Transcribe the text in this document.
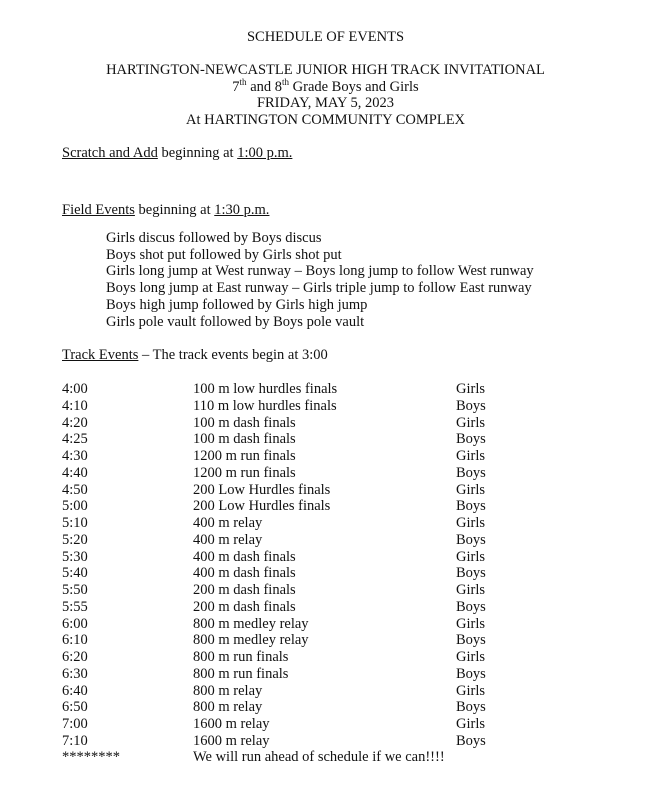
SCHEDULE OF EVENTS
HARTINGTON-NEWCASTLE JUNIOR HIGH TRACK INVITATIONAL
7th and 8th Grade Boys and Girls
FRIDAY, MAY 5, 2023
At HARTINGTON COMMUNITY COMPLEX
Scratch and Add beginning at 1:00 p.m.
Field Events beginning at 1:30 p.m.
Girls discus followed by Boys discus
Boys shot put followed by Girls shot put
Girls long jump at West runway – Boys long jump to follow West runway
Boys long jump at East runway – Girls triple jump to follow East runway
Boys high jump followed by Girls high jump
Girls pole vault followed by Boys pole vault
Track Events – The track events begin at 3:00
4:00	100 m low hurdles finals	Girls
4:10	110 m low hurdles finals	Boys
4:20	100 m dash finals	Girls
4:25	100 m dash finals	Boys
4:30	1200 m run finals	Girls
4:40	1200 m run finals	Boys
4:50	200 Low Hurdles finals	Girls
5:00	200 Low Hurdles finals	Boys
5:10	400 m relay	Girls
5:20	400 m relay	Boys
5:30	400 m dash finals	Girls
5:40	400 m dash finals	Boys
5:50	200 m dash finals	Girls
5:55	200 m dash finals	Boys
6:00	800 m medley relay	Girls
6:10	800 m medley relay	Boys
6:20	800 m run finals	Girls
6:30	800 m run finals	Boys
6:40	800 m relay	Girls
6:50	800 m relay	Boys
7:00	1600 m relay	Girls
7:10	1600 m relay	Boys
********	We will run ahead of schedule if we can!!!!
